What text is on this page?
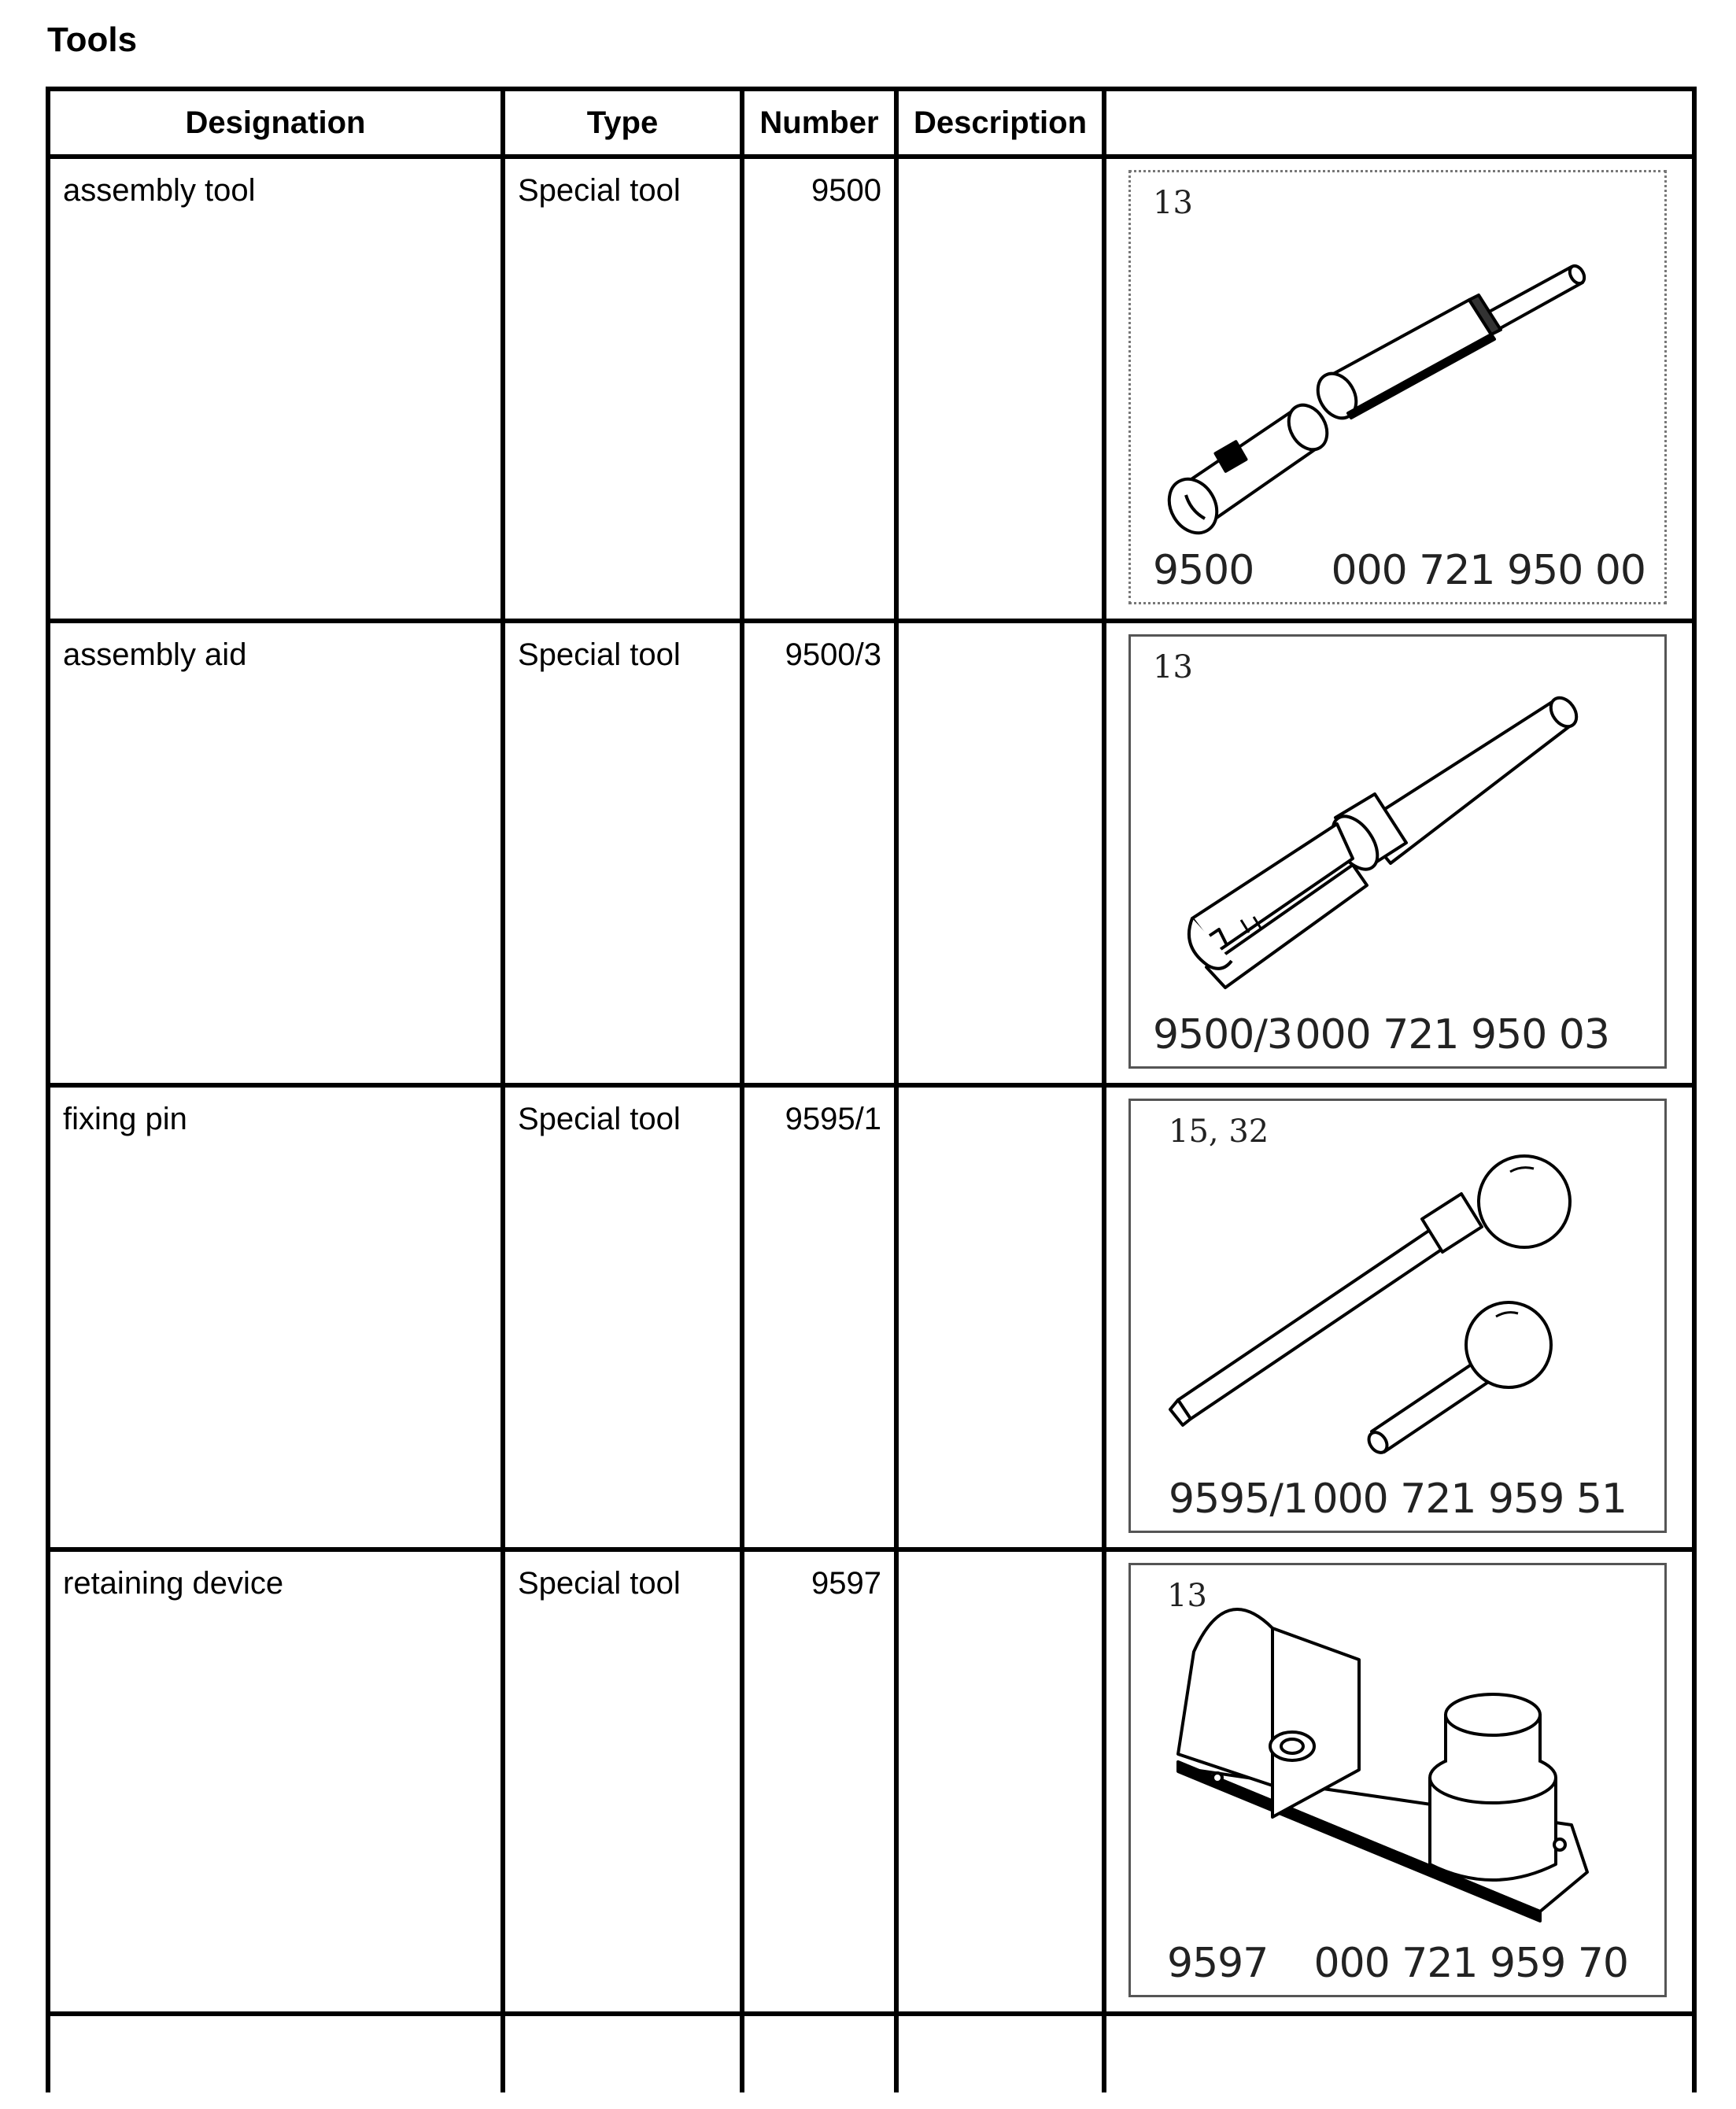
Tools
Designation	Type	Number	Description	
assembly tool	Special tool	9500		13
9500 000 721 950 00

assembly aid	Special tool	9500/3		13
9500/3 000 721 950 03

fixing pin	Special tool	9595/1		15, 32
9595/1 000 721 959 51

retaining device	Special tool	9597		13
9597 000 721 959 70
